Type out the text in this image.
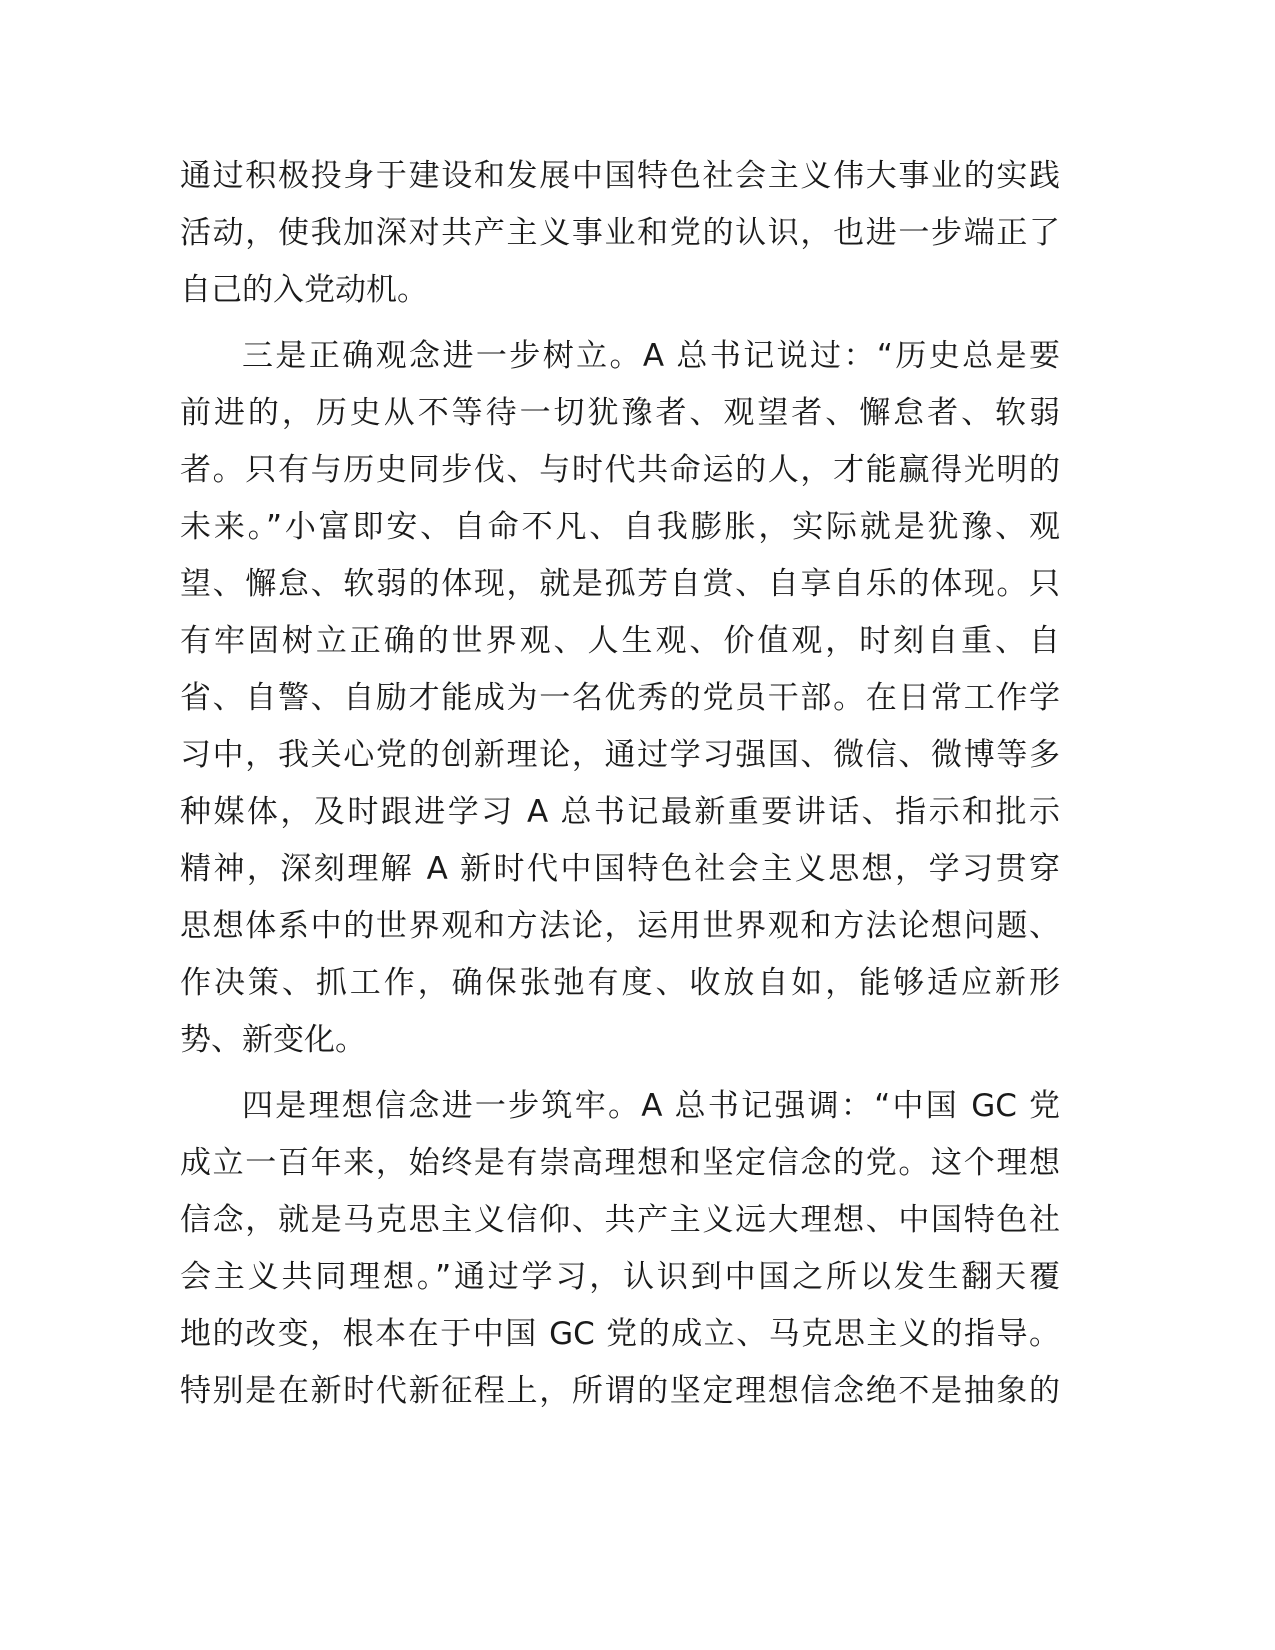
通过积极投身于建设和发展中国特色社会主义伟大事业的实践
活动，使我加深对共产主义事业和党的认识，也进一步端正了
自己的入党动机。
三是正确观念进一步树立。A 总书记说过：“历史总是要
前进的，历史从不等待一切犹豫者、观望者、懈怠者、软弱
者。只有与历史同步伐、与时代共命运的人，才能赢得光明的
未来。”小富即安、自命不凡、自我膨胀，实际就是犹豫、观
望、懈怠、软弱的体现，就是孤芳自赏、自享自乐的体现。只
有牢固树立正确的世界观、人生观、价值观，时刻自重、自
省、自警、自励才能成为一名优秀的党员干部。在日常工作学
习中，我关心党的创新理论，通过学习强国、微信、微博等多
种媒体，及时跟进学习 A 总书记最新重要讲话、指示和批示
精神，深刻理解 A 新时代中国特色社会主义思想，学习贯穿
思想体系中的世界观和方法论，运用世界观和方法论想问题、
作决策、抓工作，确保张弛有度、收放自如，能够适应新形
势、新变化。
四是理想信念进一步筑牢。A 总书记强调：“中国 GC 党
成立一百年来，始终是有崇高理想和坚定信念的党。这个理想
信念，就是马克思主义信仰、共产主义远大理想、中国特色社
会主义共同理想。”通过学习，认识到中国之所以发生翻天覆
地的改变，根本在于中国 GC 党的成立、马克思主义的指导。
特别是在新时代新征程上，所谓的坚定理想信念绝不是抽象的
